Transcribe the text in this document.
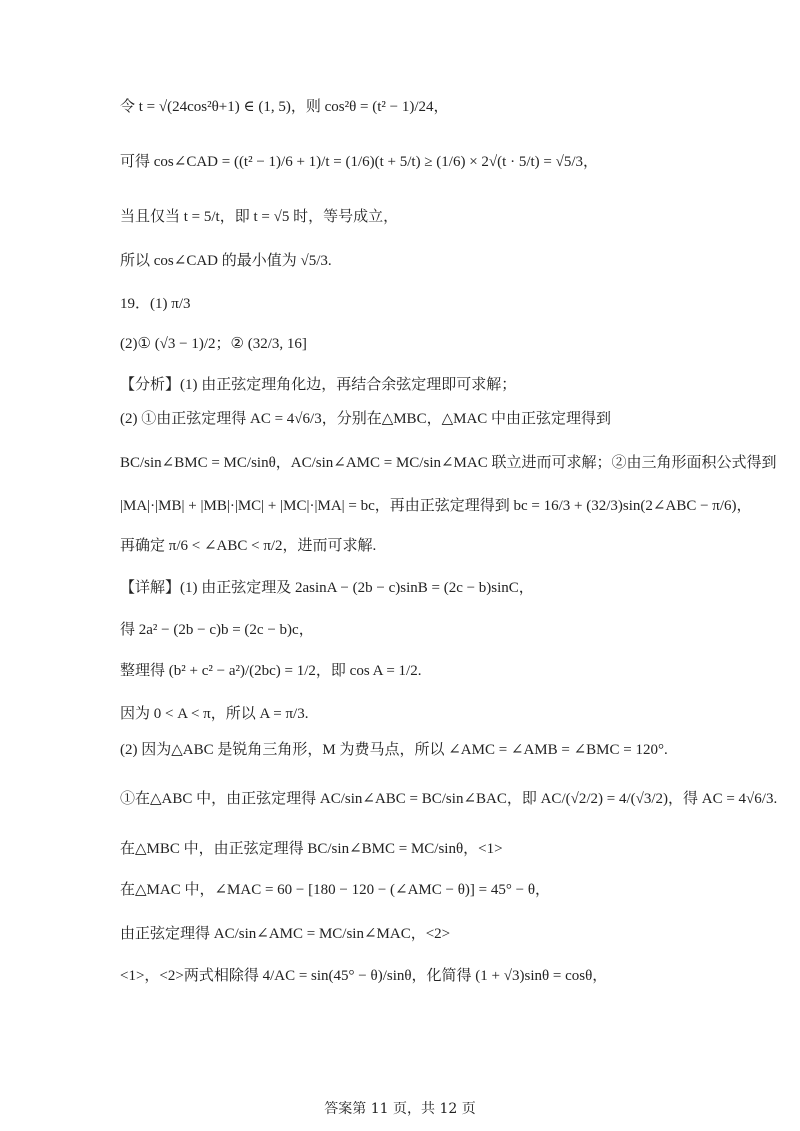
令 t = √(24cos²θ+1) ∈ (1, 5)，则 cos²θ = (t² − 1)/24，
可得 cos∠CAD = ((t² − 1)/6 + 1)/t = (1/6)(t + 5/t) ≥ (1/6) × 2√(t · 5/t) = √5/3，
当且仅当 t = 5/t，即 t = √5 时，等号成立，
所以 cos∠CAD 的最小值为 √5/3.
19．(1) π/3
(2)① (√3 − 1)/2；② (32/3, 16]
【分析】(1) 由正弦定理角化边，再结合余弦定理即可求解；
(2) ①由正弦定理得 AC = 4√6/3，分别在△MBC，△MAC 中由正弦定理得到
BC/sin∠BMC = MC/sinθ，AC/sin∠AMC = MC/sin∠MAC 联立进而可求解；②由三角形面积公式得到
|MA|·|MB| + |MB|·|MC| + |MC|·|MA| = bc，再由正弦定理得到 bc = 16/3 + (32/3)sin(2∠ABC − π/6)，
再确定 π/6 < ∠ABC < π/2，进而可求解.
【详解】(1) 由正弦定理及 2asinA − (2b − c)sinB = (2c − b)sinC，
得 2a² − (2b − c)b = (2c − b)c，
整理得 (b² + c² − a²)/(2bc) = 1/2，即 cos A = 1/2.
因为 0 < A < π，所以 A = π/3.
(2) 因为△ABC 是锐角三角形，M 为费马点，所以 ∠AMC = ∠AMB = ∠BMC = 120°.
①在△ABC 中，由正弦定理得 AC/sin∠ABC = BC/sin∠BAC，即 AC/(√2/2) = 4/(√3/2)，得 AC = 4√6/3.
在△MBC 中，由正弦定理得 BC/sin∠BMC = MC/sinθ，<1>
在△MAC 中，∠MAC = 60 − [180 − 120 − (∠AMC − θ)] = 45° − θ，
由正弦定理得 AC/sin∠AMC = MC/sin∠MAC，<2>
<1>，<2>两式相除得 4/AC = sin(45° − θ)/sinθ，化简得 (1 + √3)sinθ = cosθ，
答案第 11 页，共 12 页
